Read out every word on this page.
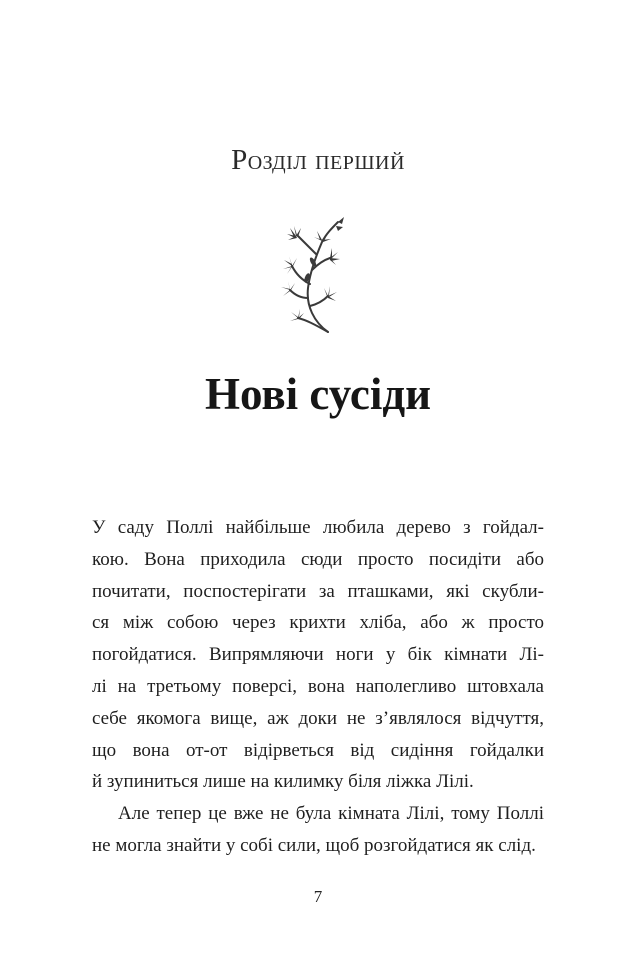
Розділ перший
Нові сусіди
У саду Поллі найбільше любила дерево з гойдал-
кою. Вона приходила сюди просто посидіти або
почитати, поспостерігати за пташками, які скубли-
ся між собою через крихти хліба, або ж просто
погойдатися. Випрямляючи ноги у бік кімнати Лі-
лі на третьому поверсі, вона наполегливо штовхала
себе якомога вище, аж доки не з’являлося відчуття,
що вона от-от відірветься від сидіння гойдалки
й зупиниться лише на килимку біля ліжка Лілі.
Але тепер це вже не була кімната Лілі, тому Поллі
не могла знайти у собі сили, щоб розгойдатися як слід.
7
